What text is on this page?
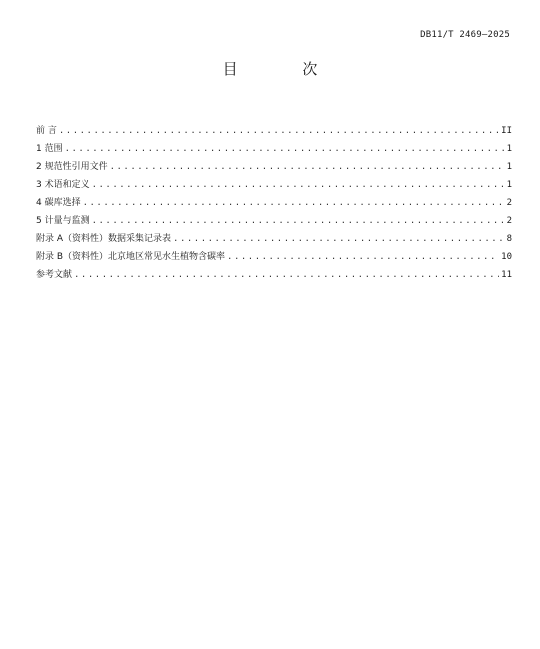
DB11/T 2469—2025
目 次
前 言 .....	II
1 范围 .....	1
2 规范性引用文件 .....	1
3 术语和定义 .....	1
4 碳库选择 .....	2
5 计量与监测 .....	2
附录 A（资料性）数据采集记录表 .....	8
附录 B（资料性）北京地区常见水生植物含碳率 .....	10
参考文献 .....	11
